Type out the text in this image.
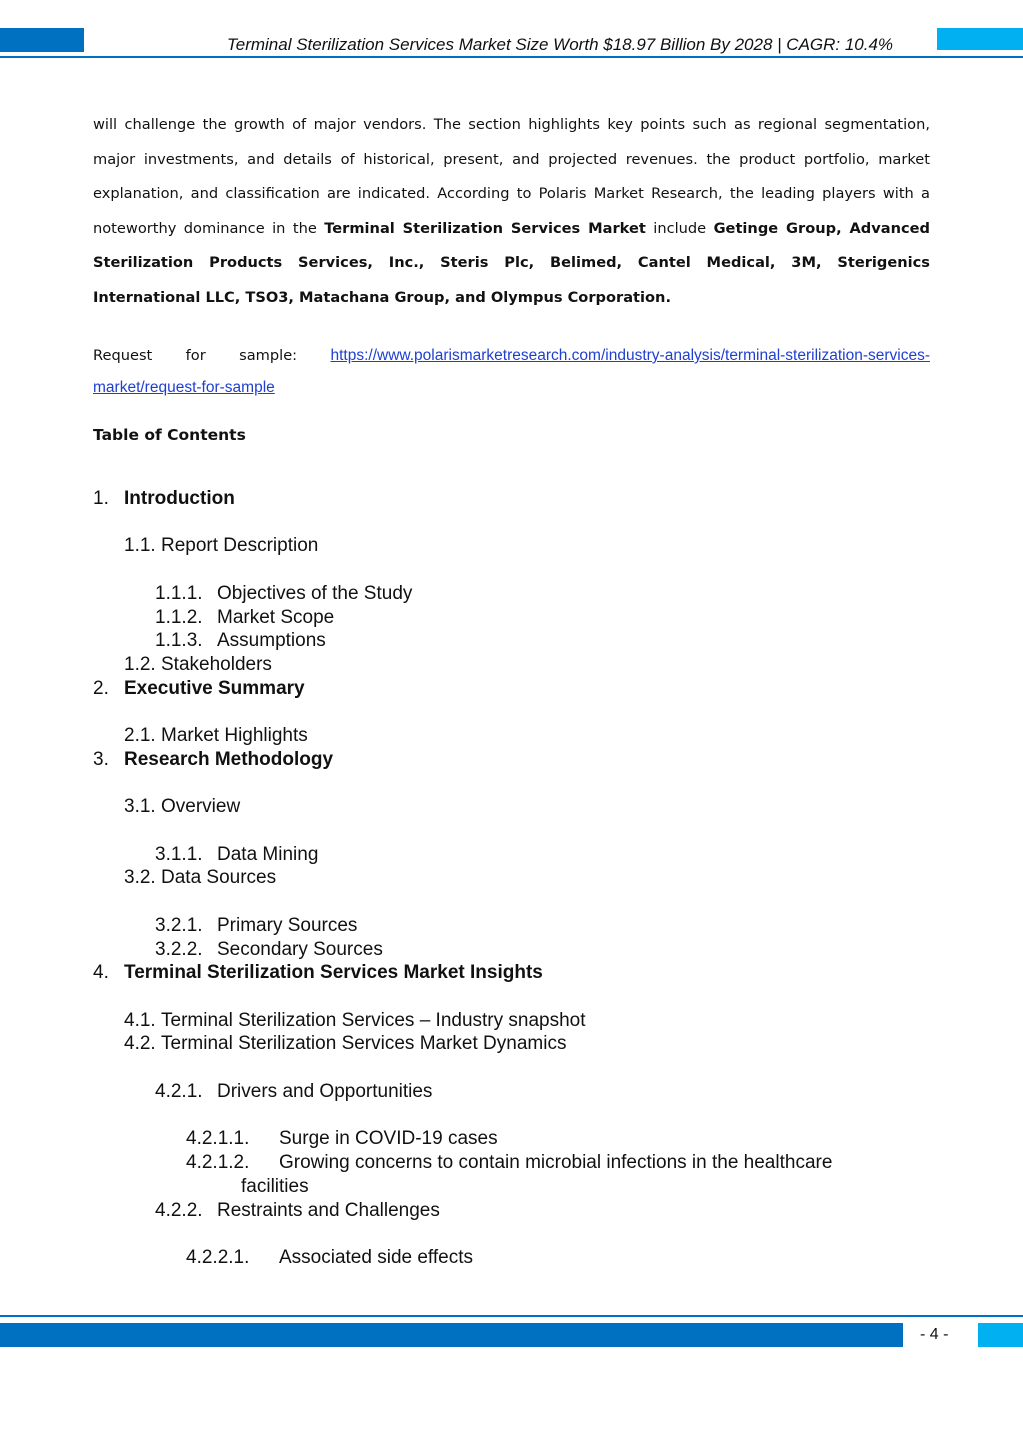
Terminal Sterilization Services Market Size Worth $18.97 Billion By 2028 | CAGR: 10.4%
will challenge the growth of major vendors. The section highlights key points such as regional segmentation, major investments, and details of historical, present, and projected revenues. the product portfolio, market explanation, and classification are indicated. According to Polaris Market Research, the leading players with a noteworthy dominance in the Terminal Sterilization Services Market include Getinge Group, Advanced Sterilization Products Services, Inc., Steris Plc, Belimed, Cantel Medical, 3M, Sterigenics International LLC, TSO3, Matachana Group, and Olympus Corporation.
Request for sample: https://www.polarismarketresearch.com/industry-analysis/terminal-sterilization-services-market/request-for-sample
Table of Contents
1. Introduction
1.1. Report Description
1.1.1. Objectives of the Study
1.1.2. Market Scope
1.1.3. Assumptions
1.2. Stakeholders
2. Executive Summary
2.1. Market Highlights
3. Research Methodology
3.1. Overview
3.1.1. Data Mining
3.2. Data Sources
3.2.1. Primary Sources
3.2.2. Secondary Sources
4. Terminal Sterilization Services Market Insights
4.1. Terminal Sterilization Services – Industry snapshot
4.2. Terminal Sterilization Services Market Dynamics
4.2.1. Drivers and Opportunities
4.2.1.1. Surge in COVID-19 cases
4.2.1.2. Growing concerns to contain microbial infections in the healthcare
facilities
4.2.2. Restraints and Challenges
4.2.2.1. Associated side effects
- 4 -
